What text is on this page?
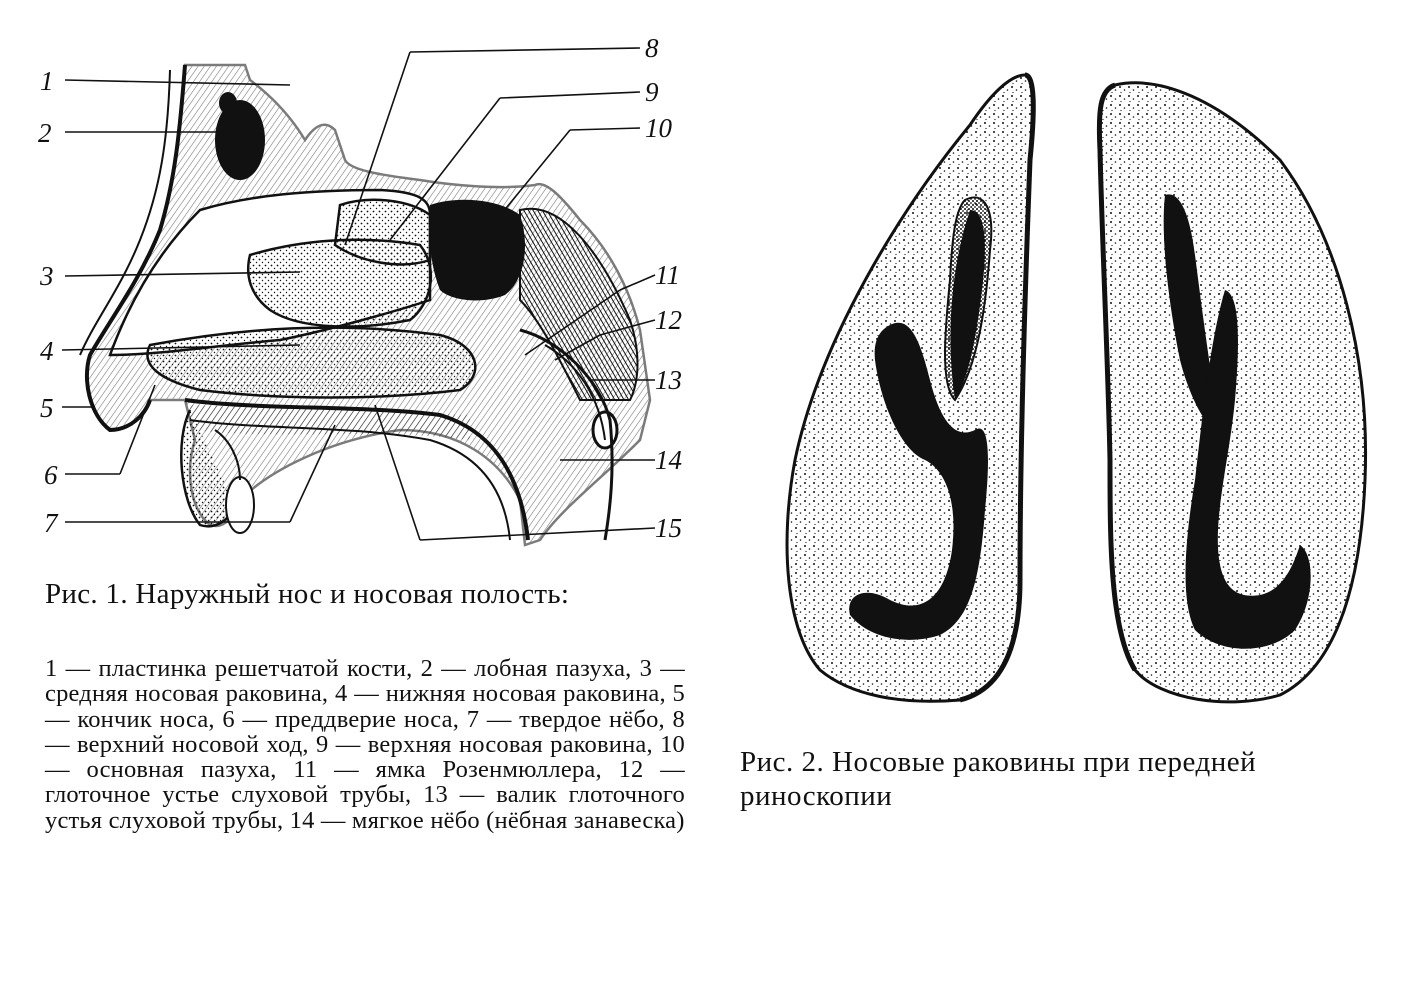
1
2
3
4
5
6
7
8
9
10
11
12
13
14
15
Рис. 1. Наружный нос и носовая полость:
1 — пластинка решетчатой кости, 2 — лобная пазуха, 3 — средняя носовая раковина, 4 — нижняя носовая раковина, 5 — кончик носа, 6 — преддверие носа, 7 — твердое нёбо, 8 — верхний носовой ход, 9 — верхняя носовая раковина, 10 — основная пазуха, 11 — ямка Розенмюллера, 12 — глоточное устье слуховой трубы, 13 — валик глоточного устья слуховой трубы, 14 — мягкое нёбо (нёбная занавеска)
Рис. 2. Носовые раковины при передней риноскопии
